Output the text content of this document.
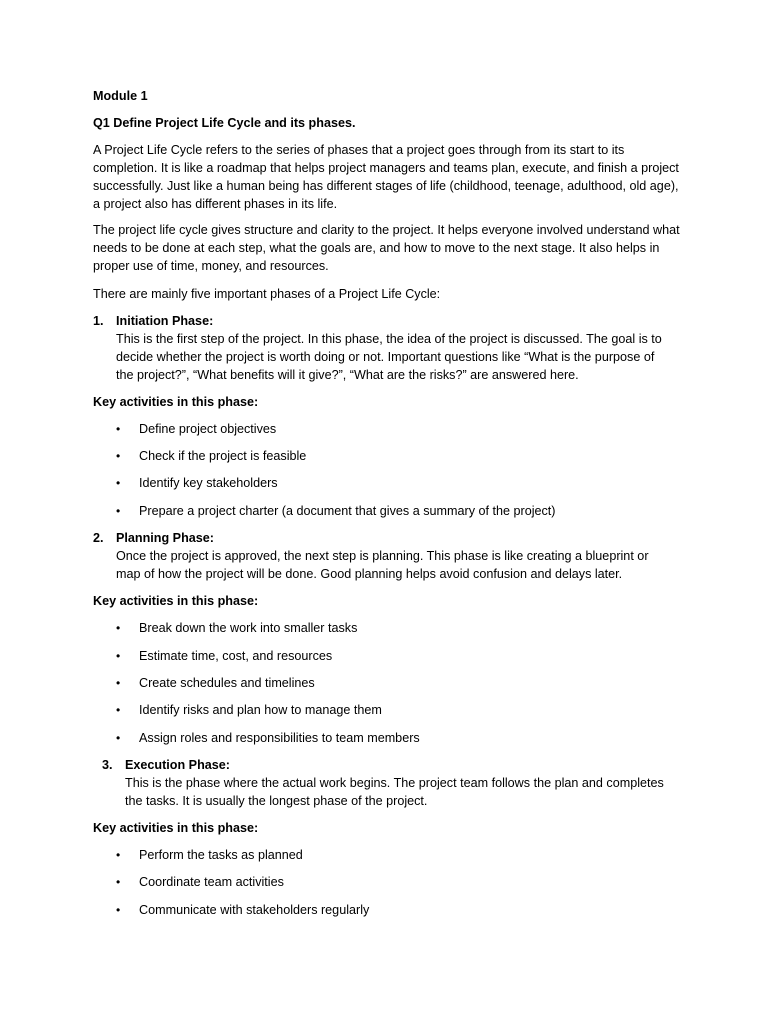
Module 1
Q1 Define Project Life Cycle and its phases.

A Project Life Cycle refers to the series of phases that a project goes through from its start to its completion. It is like a roadmap that helps project managers and teams plan, execute, and finish a project successfully. Just like a human being has different stages of life (childhood, teenage, adulthood, old age), a project also has different phases in its life.

The project life cycle gives structure and clarity to the project. It helps everyone involved understand what needs to be done at each step, what the goals are, and how to move to the next stage. It also helps in proper use of time, money, and resources.

There are mainly five important phases of a Project Life Cycle:

1. Initiation Phase:
This is the first step of the project. In this phase, the idea of the project is discussed. The goal is to decide whether the project is worth doing or not. Important questions like “What is the purpose of the project?”, “What benefits will it give?”, “What are the risks?” are answered here.
Key activities in this phase:
• Define project objectives
• Check if the project is feasible
• Identify key stakeholders
• Prepare a project charter (a document that gives a summary of the project)
2. Planning Phase:
Once the project is approved, the next step is planning. This phase is like creating a blueprint or map of how the project will be done. Good planning helps avoid confusion and delays later.
Key activities in this phase:
• Break down the work into smaller tasks
• Estimate time, cost, and resources
• Create schedules and timelines
• Identify risks and plan how to manage them
• Assign roles and responsibilities to team members
3. Execution Phase:
This is the phase where the actual work begins. The project team follows the plan and completes the tasks. It is usually the longest phase of the project.
Key activities in this phase:
• Perform the tasks as planned
• Coordinate team activities
• Communicate with stakeholders regularly
